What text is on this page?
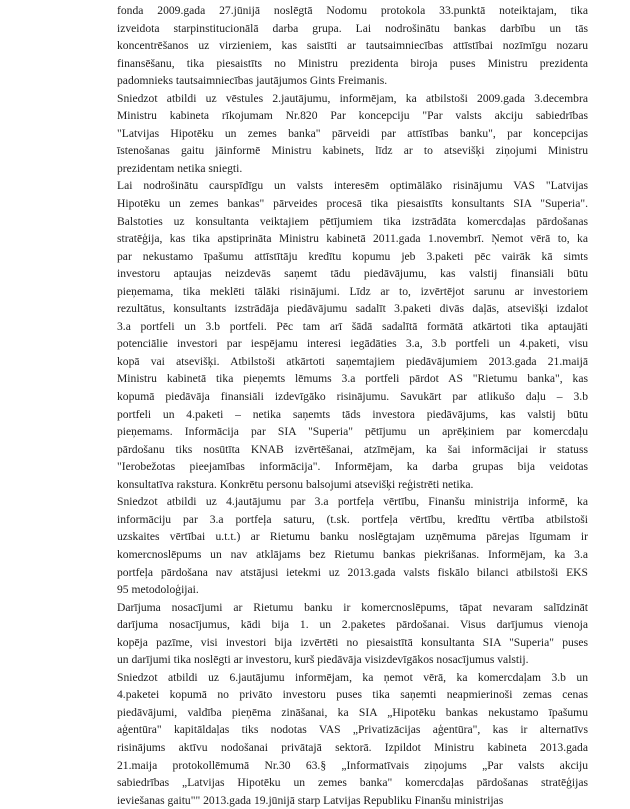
fonda 2009.gada 27.jūnijā noslēgtā Nodomu protokola 33.punktā noteiktajam, tika
izveidota starpinstitucionālā darba grupa. Lai nodrošinātu bankas darbību un tās
koncentrēšanos uz virzieniem, kas saistīti ar tautsaimniecības attīstībai nozīmīgu nozaru
finansēšanu, tika piesaistīts no Ministru prezidenta biroja puses Ministru prezidenta
padomnieks tautsaimniecības jautājumos Gints Freimanis.
Sniedzot atbildi uz vēstules 2.jautājumu, informējam, ka atbilstoši 2009.gada 3.decembra
Ministru kabineta rīkojumam Nr.820 Par koncepciju "Par valsts akciju sabiedrības
"Latvijas Hipotēku un zemes banka" pārveidi par attīstības banku", par koncepcijas
īstenošanas gaitu jāinformē Ministru kabinets, līdz ar to atsevišķi ziņojumi Ministru
prezidentam netika sniegti.
Lai nodrošinātu caurspīdīgu un valsts interesēm optimālāko risinājumu VAS "Latvijas
Hipotēku un zemes bankas" pārveides procesā tika piesaistīts konsultants SIA "Superia".
Balstoties uz konsultanta veiktajiem pētījumiem tika izstrādāta komercdaļas pārdošanas
stratēģija, kas tika apstiprināta Ministru kabinetā 2011.gada 1.novembrī. Ņemot vērā to, ka
par nekustamo īpašumu attīstītāju kredītu kopumu jeb 3.paketi pēc vairāk kā simts
investoru aptaujas neizdevās saņemt tādu piedāvājumu, kas valstij finansiāli būtu
pieņemama, tika meklēti tālāki risinājumi. Līdz ar to, izvērtējot sarunu ar investoriem
rezultātus, konsultants izstrādāja piedāvājumu sadalīt 3.paketi divās daļās, atsevišķi izdalot
3.a portfeli un 3.b portfeli. Pēc tam arī šādā sadalītā formātā atkārtoti tika aptaujāti
potenciālie investori par iespējamu interesi iegādāties 3.a, 3.b portfeli un 4.paketi, visu
kopā vai atsevišķi. Atbilstoši atkārtoti saņemtajiem piedāvājumiem 2013.gada 21.maijā
Ministru kabinetā tika pieņemts lēmums 3.a portfeli pārdot AS "Rietumu banka", kas
kopumā piedāvāja finansiāli izdevīgāko risinājumu. Savukārt par atlikušo daļu – 3.b
portfeli un 4.paketi – netika saņemts tāds investora piedāvājums, kas valstij būtu
pieņemams. Informācija par SIA "Superia" pētījumu un aprēķiniem par komercdaļu
pārdošanu tiks nosūtīta KNAB izvērtēšanai, atzīmējam, ka šai informācijai ir statuss
"Ierobežotas pieejamības informācija". Informējam, ka darba grupas bija veidotas
konsultatīva rakstura. Konkrētu personu balsojumi atsevišķi reģistrēti netika.
Sniedzot atbildi uz 4.jautājumu par 3.a portfeļa vērtību, Finanšu ministrija informē, ka
informāciju par 3.a portfeļa saturu, (t.sk. portfeļa vērtību, kredītu vērtība atbilstoši
uzskaites vērtībai u.t.t.) ar Rietumu banku noslēgtajam uzņēmuma pārejas līgumam ir
komercnoslēpums un nav atklājams bez Rietumu bankas piekrišanas. Informējam, ka 3.a
portfeļa pārdošana nav atstājusi ietekmi uz 2013.gada valsts fiskālo bilanci atbilstoši EKS
95 metodoloģijai.
Darījuma nosacījumi ar Rietumu banku ir komercnoslēpums, tāpat nevaram salīdzināt
darījuma nosacījumus, kādi bija 1. un 2.paketes pārdošanai. Visus darījumus vienoja
kopēja pazīme, visi investori bija izvērtēti no piesaistītā konsultanta SIA "Superia" puses
un darījumi tika noslēgti ar investoru, kurš piedāvāja visizdevīgākos nosacījumus valstij.
Sniedzot atbildi uz 6.jautājumu informējam, ka ņemot vērā, ka komercdaļam 3.b un
4.paketei kopumā no privāto investoru puses tika saņemti neapmierinoši zemas cenas
piedāvājumi, valdība pieņēma zināšanai, ka SIA „Hipotēku bankas nekustamo īpašumu
aģentūra" kapitāldaļas tiks nodotas VAS „Privatizācijas aģentūra", kas ir alternatīvs
risinājums aktīvu nodošanai privātajā sektorā. Izpildot Ministru kabineta 2013.gada
21.maija protokollēmumā Nr.30 63.§ „Informatīvais ziņojums „Par valsts akciju
sabiedrības „Latvijas Hipotēku un zemes banka" komercdaļas pārdošanas stratēģijas
ieviešanas gaitu"" 2013.gada 19.jūnijā starp Latvijas Republiku Finanšu ministrijas
